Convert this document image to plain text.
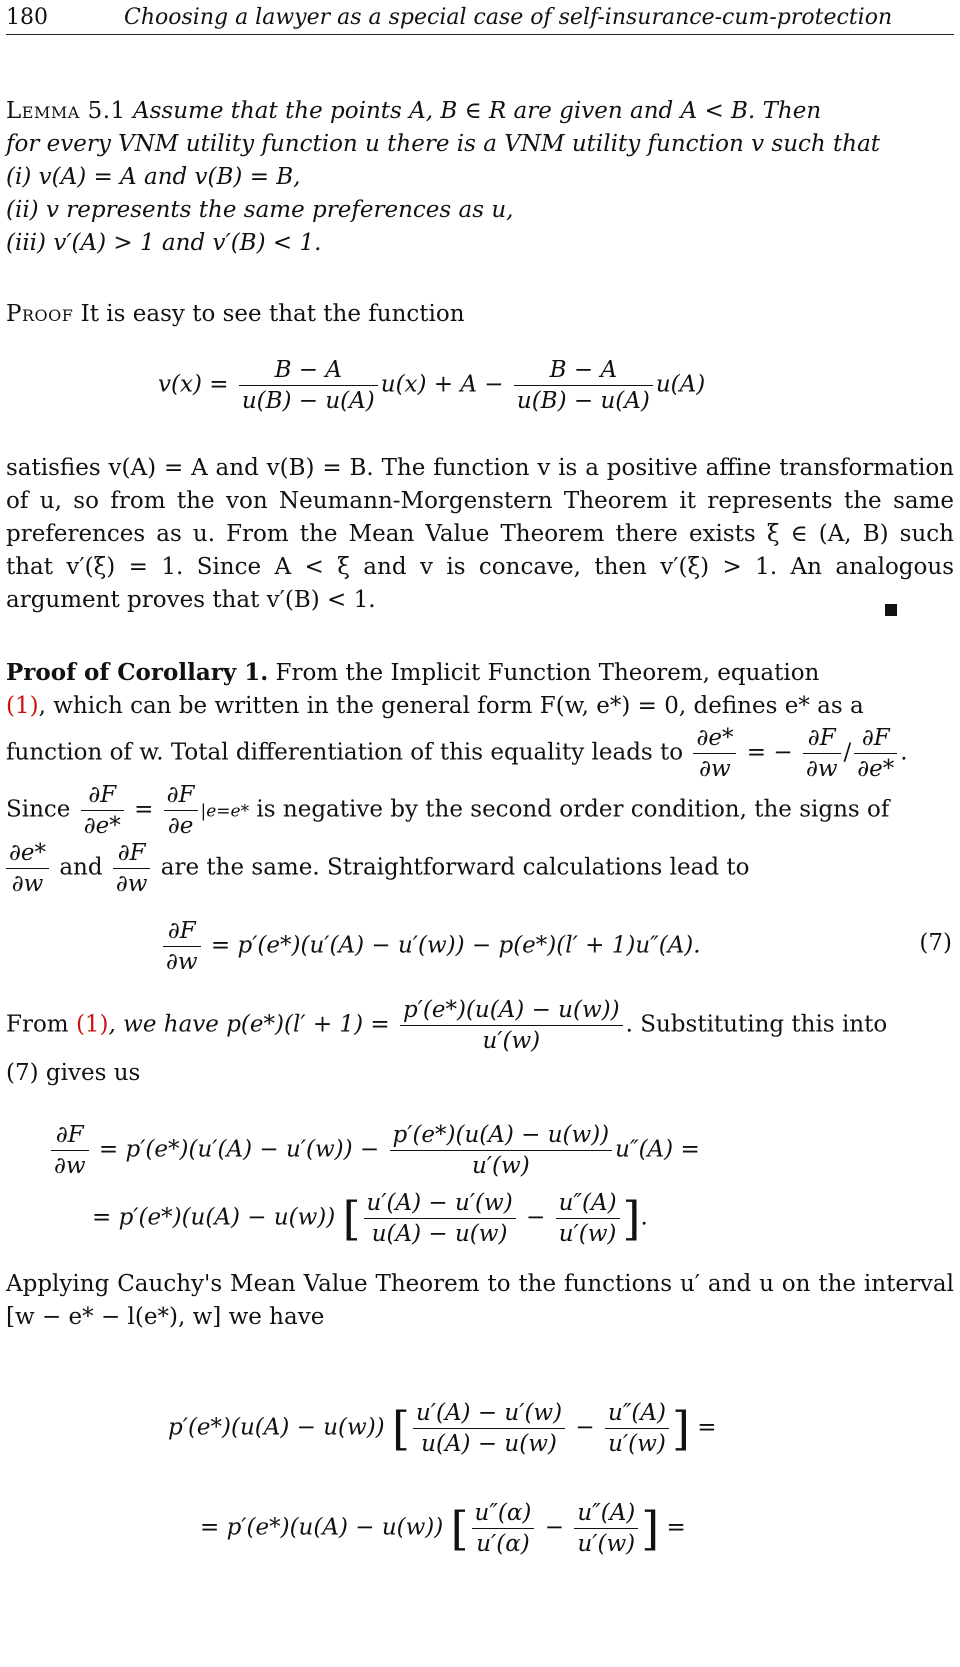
180	Choosing a lawyer as a special case of self-insurance-cum-protection
Lemma 5.1 Assume that the points A, B ∈ R are given and A < B. Then
for every VNM utility function u there is a VNM utility function v such that
(i) v(A) = A and v(B) = B,
(ii) v represents the same preferences as u,
(iii) v′(A) > 1 and v′(B) < 1.
Proof It is easy to see that the function
$v(x) = \frac{B - A}{u(B) - u(A)} u(x) + A - \frac{B - A}{u(B) - u(A)} u(A)$
satisfies v(A) = A and v(B) = B. The function v is a positive affine transformation of u, so from the von Neumann-Morgenstern Theorem it represents the same preferences as u. From the Mean Value Theorem there exists ξ ∈ (A, B) such that v′(ξ) = 1. Since A < ξ and v is concave, then v′(ξ) > 1. An analogous argument proves that v′(B) < 1.
Proof of Corollary 1. From the Implicit Function Theorem, equation
(1), which can be written in the general form F(w, e*) = 0, defines e* as a
function of w. Total differentiation of this equality leads to $\frac{\partial e*}{\partial w}$ = − $\frac{\partial F}{\partial w} / \frac{\partial F}{\partial e*}$ .
Since $\frac{\partial F}{\partial e*} = \frac{\partial F}{\partial e} |e=e*$ is negative by the second order condition, the signs of
$\frac{\partial e*}{\partial w}$ and $\frac{\partial F}{\partial w}$ are the same. Straightforward calculations lead to
$\frac{\partial F}{\partial w} = p'(e*)(u'(A) - u'(w)) - p(e*)(l' + 1)u''(A)$.	(7)
From (1), we have $p(e*)(l' + 1) = \frac{p'(e*)(u(A) - u(w))}{u'(w)}$ . Substituting this into
(7) gives us
$\frac{\partial F}{\partial w} = p'(e*)(u'(A) - u'(w)) - \frac{p'(e*)(u(A) - u(w))}{u'(w)} u''(A)$ =
= p′(e*)(u(A) − u(w)) [ $\frac{u'(A) - u'(w)}{u(A) - u(w)} - \frac{u''(A)}{u'(w)}$ ].
Applying Cauchy's Mean Value Theorem to the functions u′ and u on the interval [w − e* − l(e*), w] we have
p′(e*)(u(A) − u(w)) [ $\frac{u'(A) - u'(w)}{u(A) - u(w)} - \frac{u''(A)}{u'(w)}$ ] =
= p′(e*)(u(A) − u(w)) [ $\frac{u''(\alpha)}{u'(\alpha)} - \frac{u''(A)}{u'(w)}$ ] =
